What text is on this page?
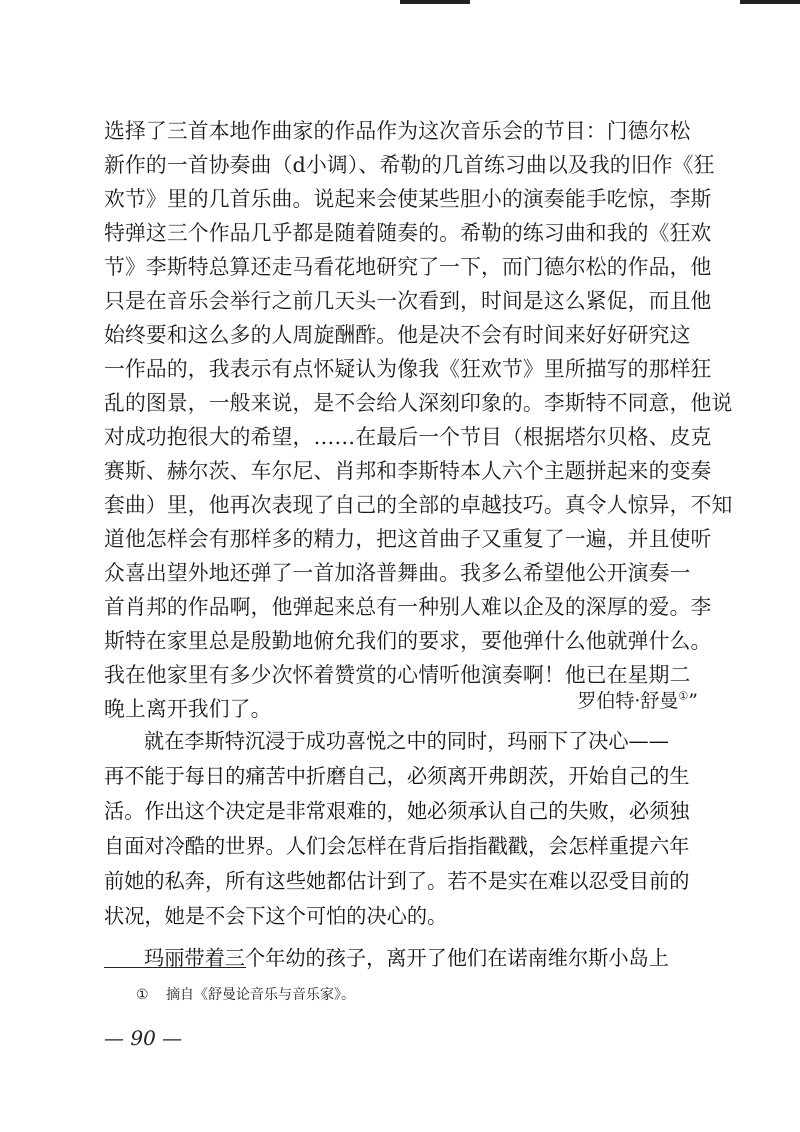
选择了三首本地作曲家的作品作为这次音乐会的节目：门德尔松
新作的一首协奏曲（d小调）、希勒的几首练习曲以及我的旧作《狂
欢节》里的几首乐曲。说起来会使某些胆小的演奏能手吃惊，李斯
特弹这三个作品几乎都是随着随奏的。希勒的练习曲和我的《狂欢
节》李斯特总算还走马看花地研究了一下，而门德尔松的作品，他
只是在音乐会举行之前几天头一次看到，时间是这么紧促，而且他
始终要和这么多的人周旋酬酢。他是决不会有时间来好好研究这
一作品的，我表示有点怀疑认为像我《狂欢节》里所描写的那样狂
乱的图景，一般来说，是不会给人深刻印象的。李斯特不同意，他说
对成功抱很大的希望，……在最后一个节目（根据塔尔贝格、皮克
赛斯、赫尔茨、车尔尼、肖邦和李斯特本人六个主题拼起来的变奏
套曲）里，他再次表现了自己的全部的卓越技巧。真令人惊异，不知
道他怎样会有那样多的精力，把这首曲子又重复了一遍，并且使听
众喜出望外地还弹了一首加洛普舞曲。我多么希望他公开演奏一
首肖邦的作品啊，他弹起来总有一种别人难以企及的深厚的爱。李
斯特在家里总是殷勤地俯允我们的要求，要他弹什么他就弹什么。
我在他家里有多少次怀着赞赏的心情听他演奏啊！他已在星期二
晚上离开我们了。	罗伯特·舒曼①”
就在李斯特沉浸于成功喜悦之中的同时，玛丽下了决心——
再不能于每日的痛苦中折磨自己，必须离开弗朗茨，开始自己的生
活。作出这个决定是非常艰难的，她必须承认自己的失败，必须独
自面对冷酷的世界。人们会怎样在背后指指戳戳，会怎样重提六年
前她的私奔，所有这些她都估计到了。若不是实在难以忍受目前的
状况，她是不会下这个可怕的决心的。
玛丽带着三个年幼的孩子，离开了他们在诺南维尔斯小岛上
① 摘自《舒曼论音乐与音乐家》。
— 90 —
